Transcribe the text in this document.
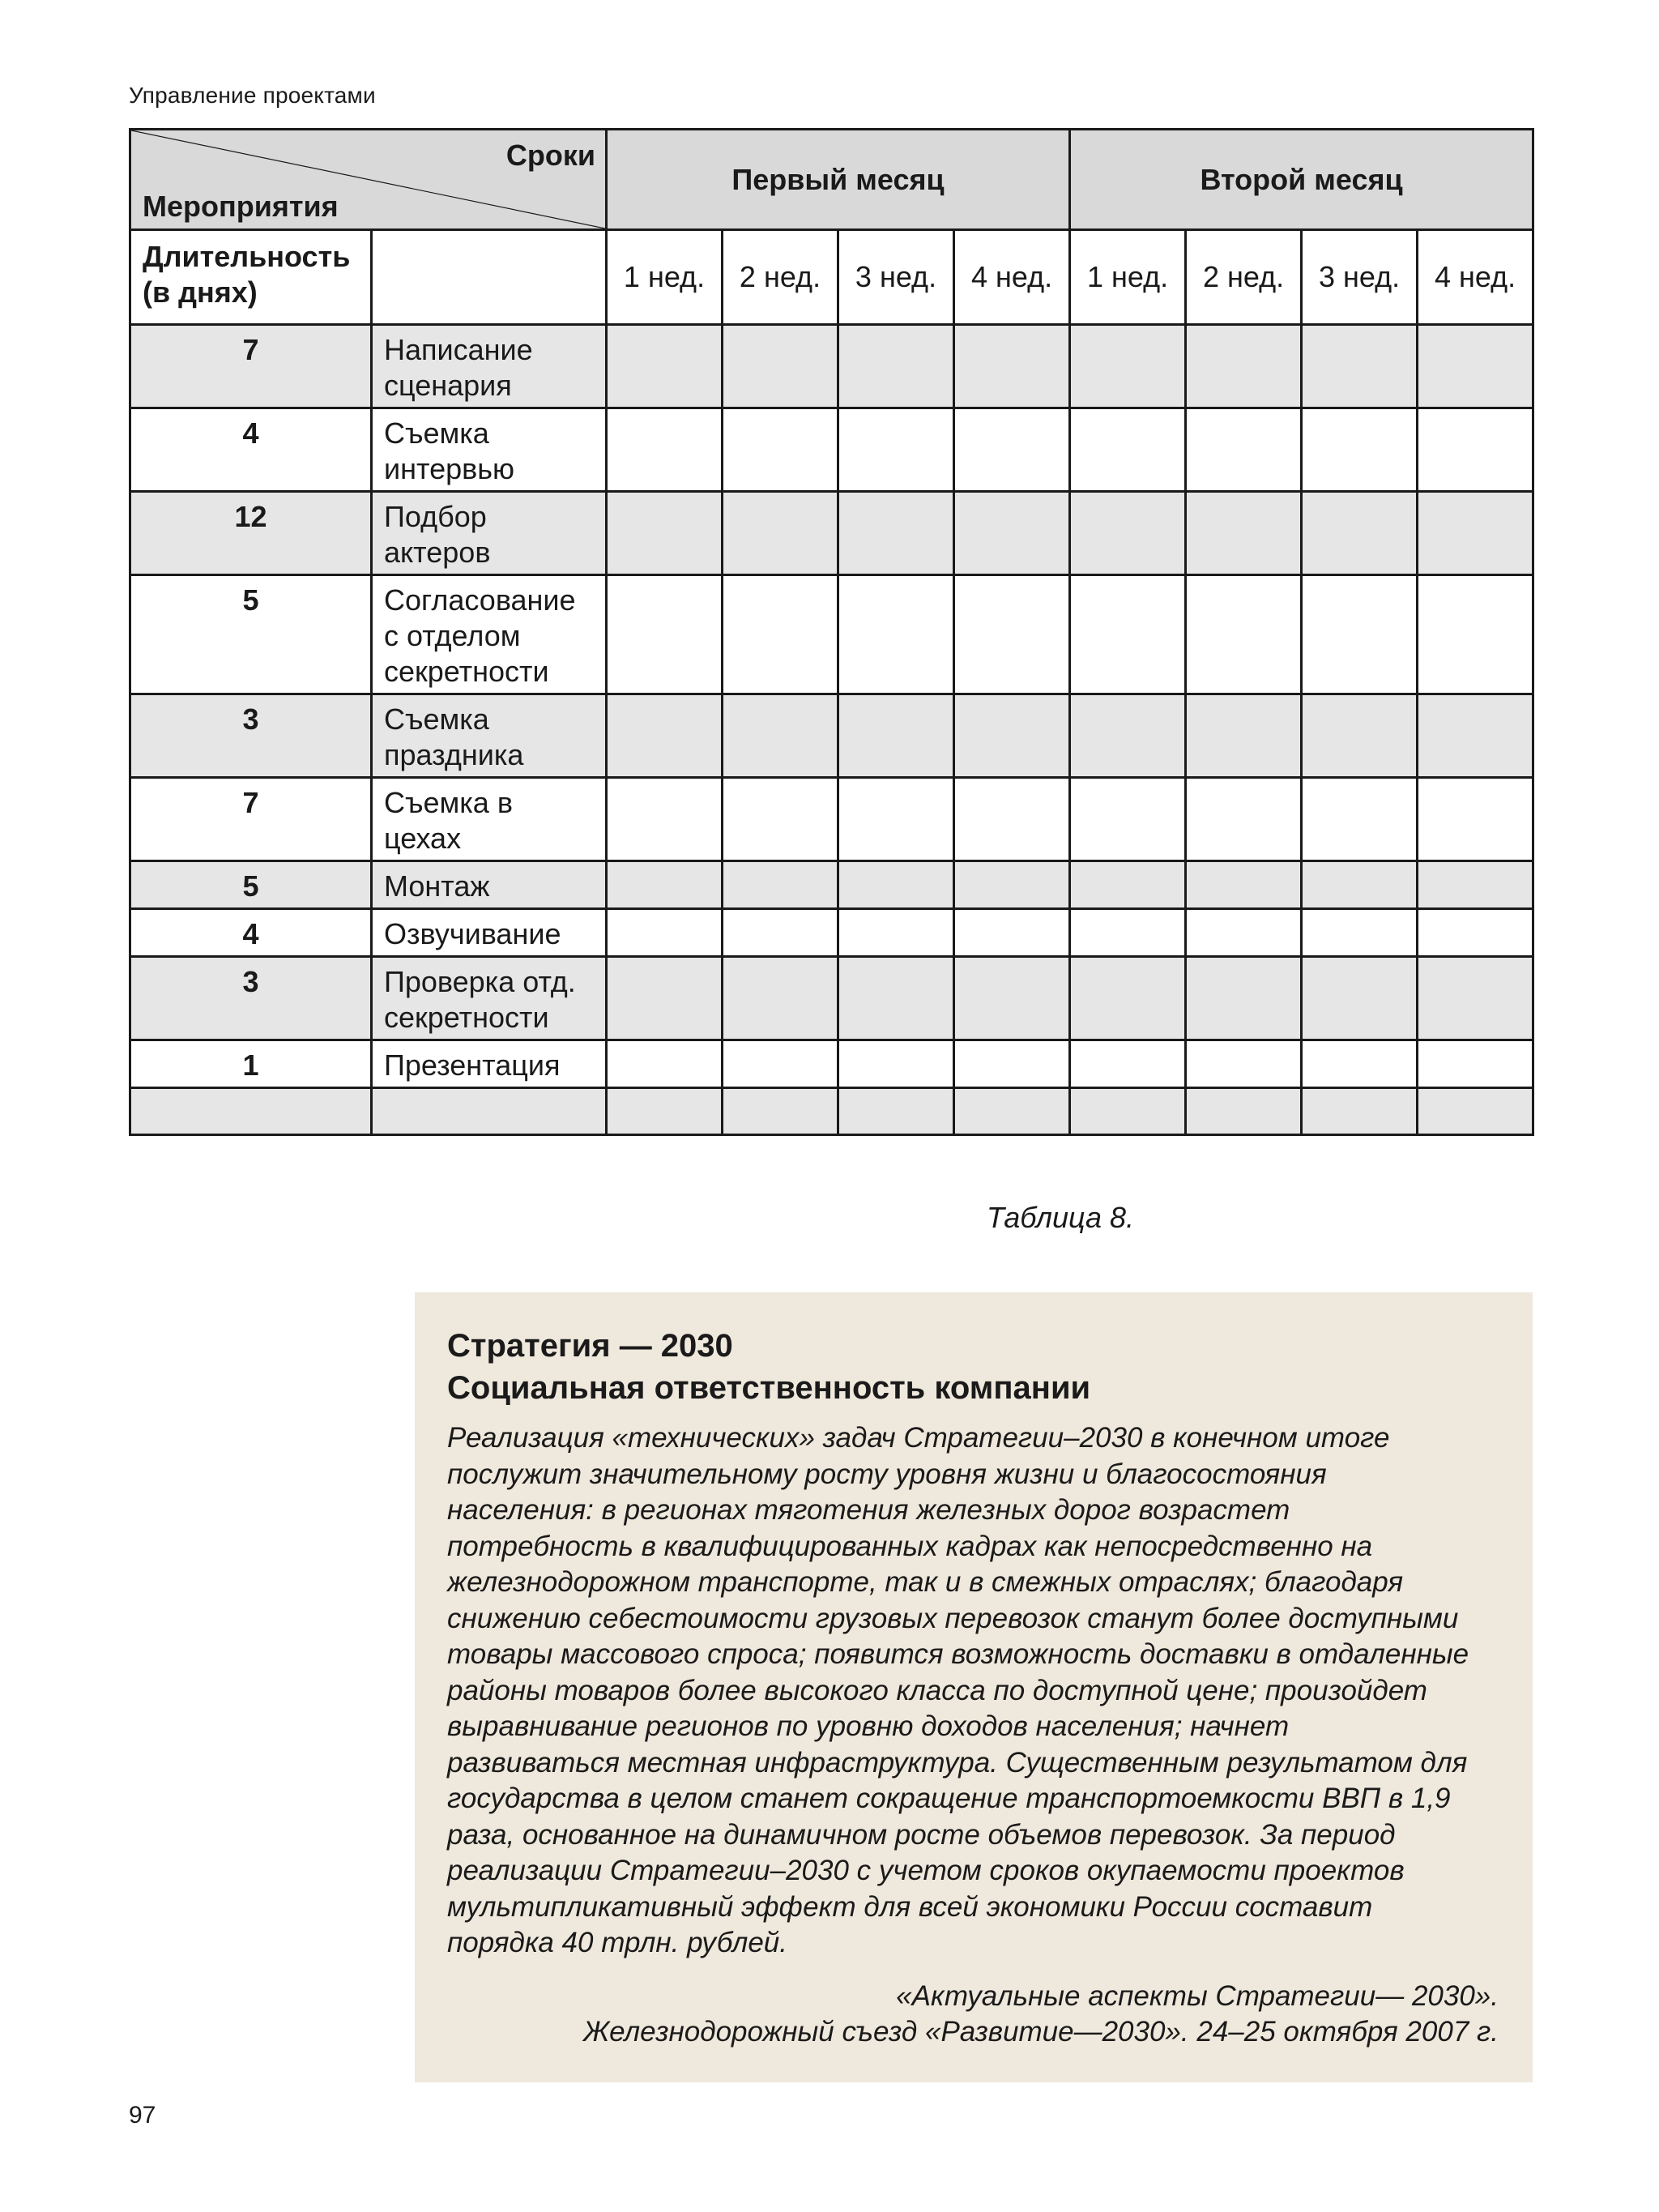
Управление проектами
Сроки
Мероприятия		Первый месяц				Второй месяц			

Длительность
(в днях)		1 нед.	2 нед.	3 нед.	4 нед.	1 нед.	2 нед.	3 нед.	4 нед.
7	Написание
сценария								

4	Съемка
интервью								

12	Подбор
актеров								

5	Согласование
с отделом
секретности								

3	Съемка
праздника								

7	Съемка в
цехах								

5	Монтаж								

4	Озвучивание								

3	Проверка отд.
секретности								

1	Презентация								

Таблица 8.

Стратегия — 2030
Социальная ответственность компании

Реализация «технических» задач Стратегии–2030 в конечном итоге
послужит значительному росту уровня жизни и благосостояния
населения: в регионах тяготения железных дорог возрастет
потребность в квалифицированных кадрах как непосредственно на
железнодорожном транспорте, так и в смежных отраслях; благодаря
снижению себестоимости грузовых перевозок станут более доступными
товары массового спроса; появится возможность доставки в отдаленные
районы товаров более высокого класса по доступной цене; произойдет
выравнивание регионов по уровню доходов населения; начнет
развиваться местная инфраструктура. Существенным результатом для
государства в целом станет сокращение транспортоемкости ВВП в 1,9
раза, основанное на динамичном росте объемов перевозок. За период
реализации Стратегии–2030 с учетом сроков окупаемости проектов
мультипликативный эффект для всей экономики России составит
порядка 40 трлн. рублей.
«Актуальные аспекты Стратегии— 2030».
Железнодорожный съезд «Развитие—2030». 24–25 октября 2007 г.
97
